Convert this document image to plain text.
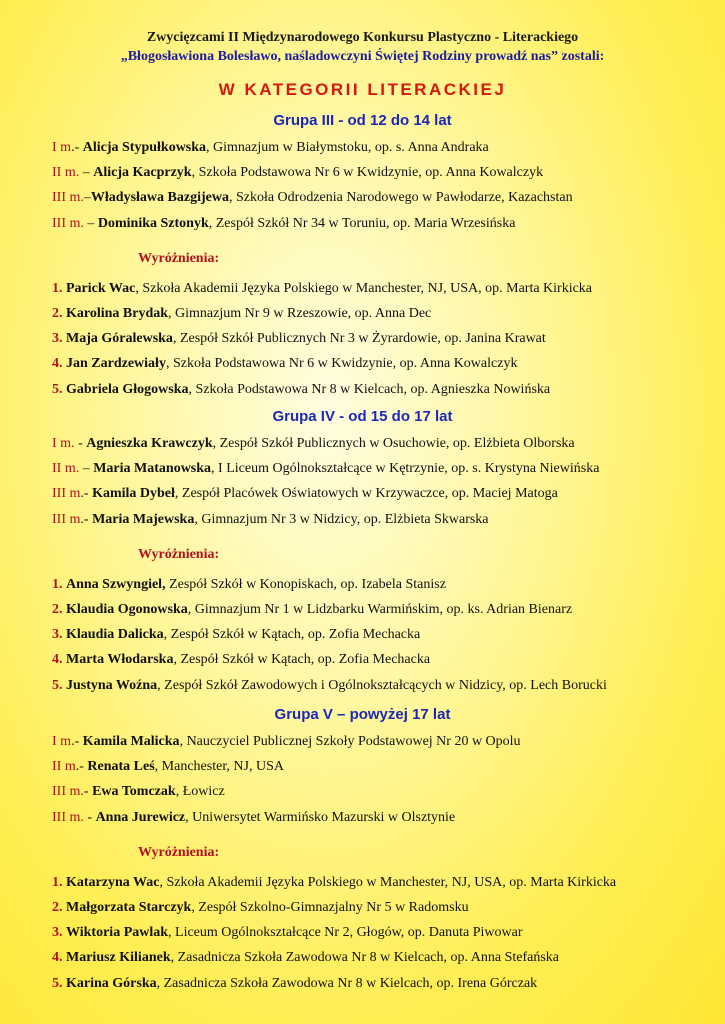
Zwycięzcami II Międzynarodowego Konkursu Plastyczno - Literackiego
„Błogosławiona Bolesławo, naśladowczyni Świętej Rodziny prowadź nas” zostali:
W KATEGORII LITERACKIEJ
Grupa III - od 12 do 14 lat
I m.- Alicja Stypułkowska, Gimnazjum w Białymstoku, op. s. Anna Andraka
II m. – Alicja Kacprzyk, Szkoła Podstawowa Nr 6 w Kwidzynie, op. Anna Kowalczyk
III m.–Władysława Bazgijewa, Szkoła Odrodzenia Narodowego w Pawłodarze, Kazachstan
III m. – Dominika Sztonyk, Zespół Szkół Nr 34 w Toruniu, op. Maria Wrzesińska
Wyróżnienia:
1. Parick Wac, Szkoła Akademii Języka Polskiego w Manchester, NJ, USA, op. Marta Kirkicka
2. Karolina Brydak, Gimnazjum Nr 9 w Rzeszowie, op. Anna Dec
3. Maja Góralewska, Zespół Szkół Publicznych Nr 3 w Żyrardowie, op. Janina Krawat
4. Jan Zardzewiały, Szkoła Podstawowa Nr 6 w Kwidzynie, op. Anna Kowalczyk
5. Gabriela Głogowska, Szkoła Podstawowa Nr 8 w Kielcach, op. Agnieszka Nowińska
Grupa IV - od 15 do 17 lat
I m. - Agnieszka Krawczyk, Zespół Szkół Publicznych w Osuchowie, op. Elżbieta Olborska
II m. – Maria Matanowska, I Liceum Ogólnokształcące w Kętrzynie, op. s. Krystyna Niewińska
III m.- Kamila Dybeł, Zespół Placówek Oświatowych w Krzywaczce, op. Maciej Matoga
III m.- Maria Majewska, Gimnazjum Nr 3 w Nidzicy, op. Elżbieta Skwarska
Wyróżnienia:
1. Anna Szwyngiel, Zespół Szkół w Konopiskach, op. Izabela Stanisz
2. Klaudia Ogonowska, Gimnazjum Nr 1 w Lidzbarku Warmińskim, op. ks. Adrian Bienarz
3. Klaudia Dalicka, Zespół Szkół w Kątach, op. Zofia Mechacka
4. Marta Włodarska, Zespół Szkół w Kątach, op. Zofia Mechacka
5. Justyna Woźna, Zespół Szkół Zawodowych i Ogólnokształcących w Nidzicy, op. Lech Borucki
Grupa V – powyżej 17 lat
I m.- Kamila Malicka, Nauczyciel Publicznej Szkoły Podstawowej Nr 20 w Opolu
II m.- Renata Leś, Manchester, NJ, USA
III m.- Ewa Tomczak, Łowicz
III m. - Anna Jurewicz, Uniwersytet Warmińsko Mazurski w Olsztynie
Wyróżnienia:
1. Katarzyna Wac, Szkoła Akademii Języka Polskiego w Manchester, NJ, USA, op. Marta Kirkicka
2. Małgorzata Starczyk, Zespół Szkolno-Gimnazjalny Nr 5 w Radomsku
3. Wiktoria Pawlak, Liceum Ogólnokształcące Nr 2, Głogów, op. Danuta Piwowar
4. Mariusz Kilianek, Zasadnicza Szkoła Zawodowa Nr 8 w Kielcach, op. Anna Stefańska
5. Karina Górska, Zasadnicza Szkoła Zawodowa Nr 8 w Kielcach, op. Irena Górczak
